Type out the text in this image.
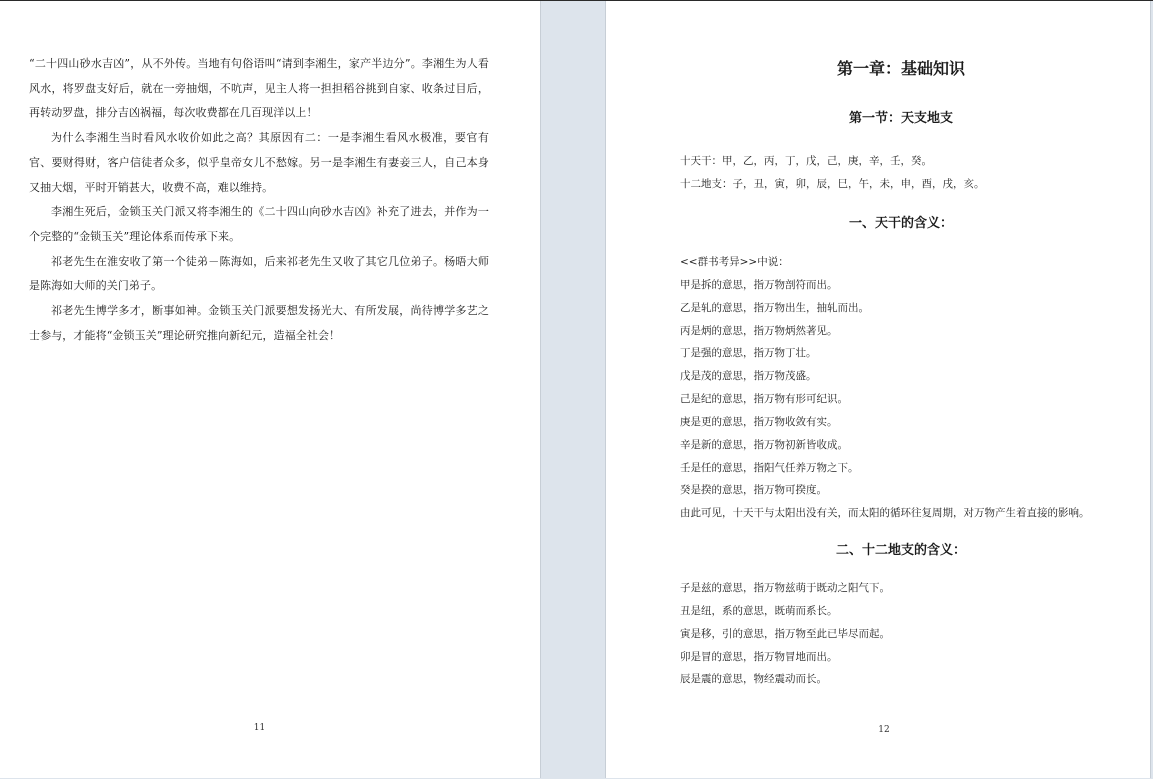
“二十四山砂水吉凶”，从不外传。当地有句俗语叫“请到李湘生，家产半边分”。李湘生为人看风水，将罗盘支好后，就在一旁抽烟，不吭声，见主人将一担担稻谷挑到自家、收条过目后，再转动罗盘，排分吉凶祸福，每次收费都在几百现洋以上！

为什么李湘生当时看风水收价如此之高？其原因有二：一是李湘生看风水极准，要官有官、要财得财，客户信徒者众多，似乎皇帝女儿不愁嫁。另一是李湘生有妻妾三人，自己本身又抽大烟，平时开销甚大，收费不高，难以维持。

李湘生死后，金锁玉关门派又将李湘生的《二十四山向砂水吉凶》补充了进去，并作为一个完整的“金锁玉关”理论体系而传承下来。

祁老先生在淮安收了第一个徒弟－陈海如，后来祁老先生又收了其它几位弟子。杨晤大师是陈海如大师的关门弟子。

祁老先生博学多才，断事如神。金锁玉关门派要想发扬光大、有所发展，尚待博学多艺之士参与，才能将“金锁玉关”理论研究推向新纪元，造福全社会！

11
第一章：基础知识
第一节：天支地支

十天干：甲，乙，丙，丁，戊，己，庚，辛，壬，癸。

十二地支：子，丑，寅，卯，辰，巳，午，未，申，酉，戌，亥。

一、天干的含义：
<<群书考异>>中说：
甲是拆的意思，指万物剖符而出。
乙是轧的意思，指万物出生，抽轧而出。
丙是炳的意思，指万物炳然著见。
丁是强的意思，指万物丁壮。
戊是茂的意思，指万物茂盛。
己是纪的意思，指万物有形可纪识。
庚是更的意思，指万物收敛有实。
辛是新的意思，指万物初新皆收成。
壬是任的意思，指阳气任养万物之下。
癸是揆的意思，指万物可揆度。
由此可见，十天干与太阳出没有关，而太阳的循环往复周期，对万物产生着直接的影响。
二、十二地支的含义：
子是兹的意思，指万物兹萌于既动之阳气下。
丑是纽，系的意思，既萌而系长。
寅是移，引的意思，指万物至此已毕尽而起。
卯是冒的意思，指万物冒地而出。
辰是震的意思，物经震动而长。
12
